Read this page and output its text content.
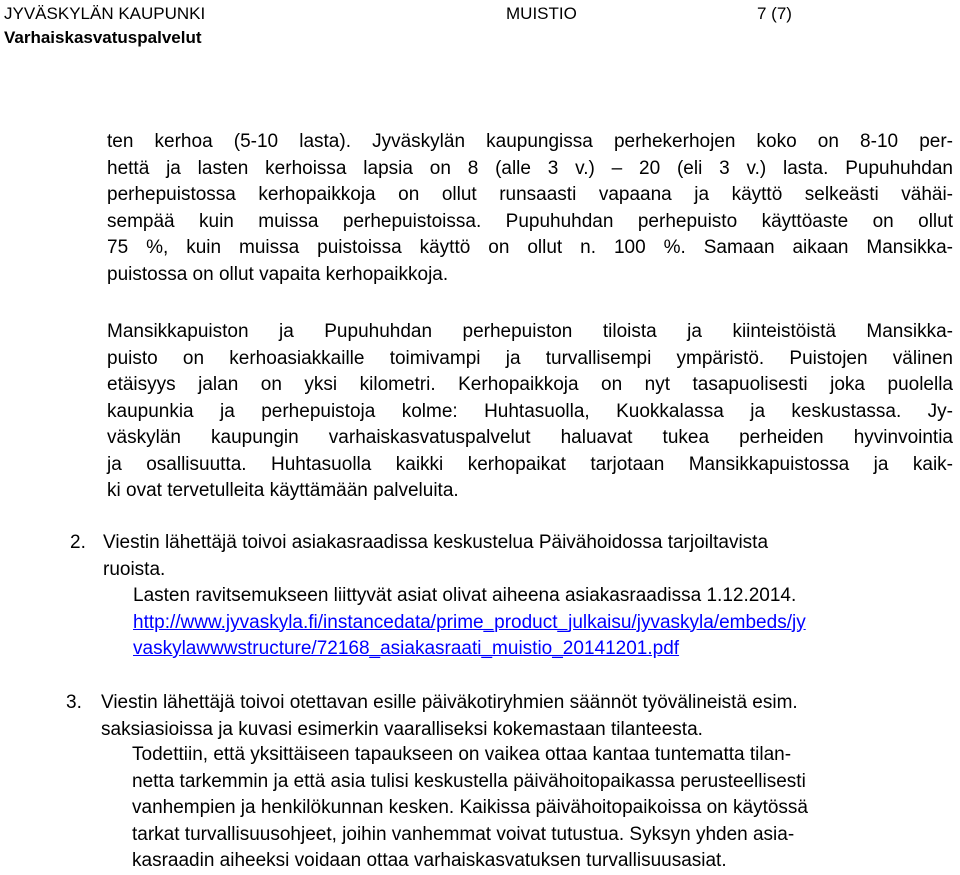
JYVÄSKYLÄN KAUPUNKI	MUISTIO	7 (7)
Varhaiskasvatuspalvelut
ten kerhoa (5-10 lasta). Jyväskylän kaupungissa perhekerhojen koko on 8-10 per-
hettä ja lasten kerhoissa lapsia on 8 (alle 3 v.) – 20 (eli 3 v.) lasta. Pupuhuhdan
perhepuistossa kerhopaikkoja on ollut runsaasti vapaana ja käyttö selkeästi vähäi-
sempää kuin muissa perhepuistoissa. Pupuhuhdan perhepuisto käyttöaste on ollut
75 %, kuin muissa puistoissa käyttö on ollut n. 100 %. Samaan aikaan Mansikka-
puistossa on ollut vapaita kerhopaikkoja.
Mansikkapuiston ja Pupuhuhdan perhepuiston tiloista ja kiinteistöistä Mansikka-
puisto on kerhoasiakkaille toimivampi ja turvallisempi ympäristö. Puistojen välinen
etäisyys jalan on yksi kilometri. Kerhopaikkoja on nyt tasapuolisesti joka puolella
kaupunkia ja perhepuistoja kolme: Huhtasuolla, Kuokkalassa ja keskustassa. Jy-
väskylän kaupungin varhaiskasvatuspalvelut haluavat tukea perheiden hyvinvointia
ja osallisuutta. Huhtasuolla kaikki kerhopaikat tarjotaan Mansikkapuistossa ja kaik-
ki ovat tervetulleita käyttämään palveluita.
2. Viestin lähettäjä toivoi asiakasraadissa keskustelua Päivähoidossa tarjoiltavista
ruoista.
Lasten ravitsemukseen liittyvät asiat olivat aiheena asiakasraadissa 1.12.2014.
http://www.jyvaskyla.fi/instancedata/prime_product_julkaisu/jyvaskyla/embeds/jy
vaskylawwwstructure/72168_asiakasraati_muistio_20141201.pdf
3. Viestin lähettäjä toivoi otettavan esille päiväkotiryhmien säännöt työvälineistä esim.
saksiasioissa ja kuvasi esimerkin vaaralliseksi kokemastaan tilanteesta.
Todettiin, että yksittäiseen tapaukseen on vaikea ottaa kantaa tuntematta tilan-
netta tarkemmin ja että asia tulisi keskustella päivähoitopaikassa perusteellisesti
vanhempien ja henkilökunnan kesken. Kaikissa päivähoitopaikoissa on käytössä
tarkat turvallisuusohjeet, joihin vanhemmat voivat tutustua. Syksyn yhden asia-
kasraadin aiheeksi voidaan ottaa varhaiskasvatuksen turvallisuusasiat.
